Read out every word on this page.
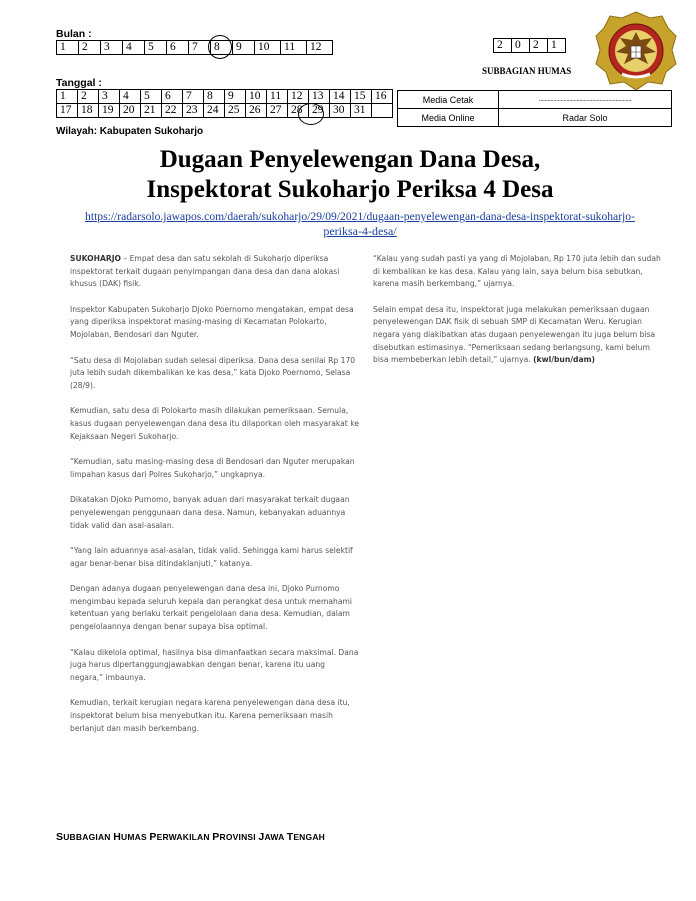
Bulan :
1	2	3	4	5	6	7	8	9	10	11	12	2	0	2	1
SUBBAGIAN HUMAS
Tanggal :
1	2	3	4	5	6	7	8	9	10	11	12	13	14	15	16
17	18	19	20	21	22	23	24	25	26	27	28	29	30	31	
Media Cetak	................................................................
Media Online	Radar Solo
Wilayah: Kabupaten Sukoharjo
Dugaan Penyelewengan Dana Desa,
Inspektorat Sukoharjo Periksa 4 Desa
https://radarsolo.jawapos.com/daerah/sukoharjo/29/09/2021/dugaan-penyelewengan-dana-desa-inspektorat-sukoharjo-
periksa-4-desa/

SUKOHARJO – Empat desa dan satu sekolah di Sukoharjo diperiksa inspektorat terkait dugaan penyimpangan dana desa dan dana alokasi khusus (DAK) fisik.

Inspektor Kabupaten Sukoharjo Djoko Poernomo mengatakan, empat desa yang diperiksa inspektorat masing-masing di Kecamatan Polokarto, Mojolaban, Bendosari dan Nguter.

“Satu desa di Mojolaban sudah selesai diperiksa. Dana desa senilai Rp 170 juta lebih sudah dikembalikan ke kas desa,” kata Djoko Poernomo, Selasa (28/9).

Kemudian, satu desa di Polokarto masih dilakukan pemeriksaan. Semula, kasus dugaan penyelewengan dana desa itu dilaporkan oleh masyarakat ke Kejaksaan Negeri Sukoharjo.

“Kemudian, satu masing-masing desa di Bendosari dan Nguter merupakan limpahan kasus dari Polres Sukoharjo,” ungkapnya.

Dikatakan Djoko Purnomo, banyak aduan dari masyarakat terkait dugaan penyelewengan penggunaan dana desa. Namun, kebanyakan aduannya tidak valid dan asal-asalan.

“Yang lain aduannya asal-asalan, tidak valid. Sehingga kami harus selektif agar benar-benar bisa ditindaklanjuti,” katanya.

Dengan adanya dugaan penyelewengan dana desa ini, Djoko Purnomo mengimbau kepada seluruh kepala dan perangkat desa untuk memahami ketentuan yang berlaku terkait pengelolaan dana desa. Kemudian, dalam pengelolaannya dengan benar supaya bisa optimal.

“Kalau dikelola optimal, hasilnya bisa dimanfaatkan secara maksimal. Dana juga harus dipertanggungjawabkan dengan benar, karena itu uang negara,” imbaunya.

Kemudian, terkait kerugian negara karena penyelewengan dana desa itu, inspektorat belum bisa menyebutkan itu. Karena pemeriksaan masih berlanjut dan masih berkembang.

“Kalau yang sudah pasti ya yang di Mojolaban, Rp 170 juta lebih dan sudah di kembalikan ke kas desa. Kalau yang lain, saya belum bisa sebutkan, karena masih berkembang,” ujarnya.

Selain empat desa itu, inspektorat juga melakukan pemeriksaan dugaan penyelewengan DAK fisik di sebuah SMP di Kecamatan Weru. Kerugian negara yang diakibatkan atas dugaan penyelewengan itu juga belum bisa disebutkan estimasinya. “Pemeriksaan sedang berlangsung, kami belum bisa membeberkan lebih detail,” ujarnya. (kwl/bun/dam)

SUBBAGIAN HUMAS PERWAKILAN PROVINSI JAWA TENGAH
